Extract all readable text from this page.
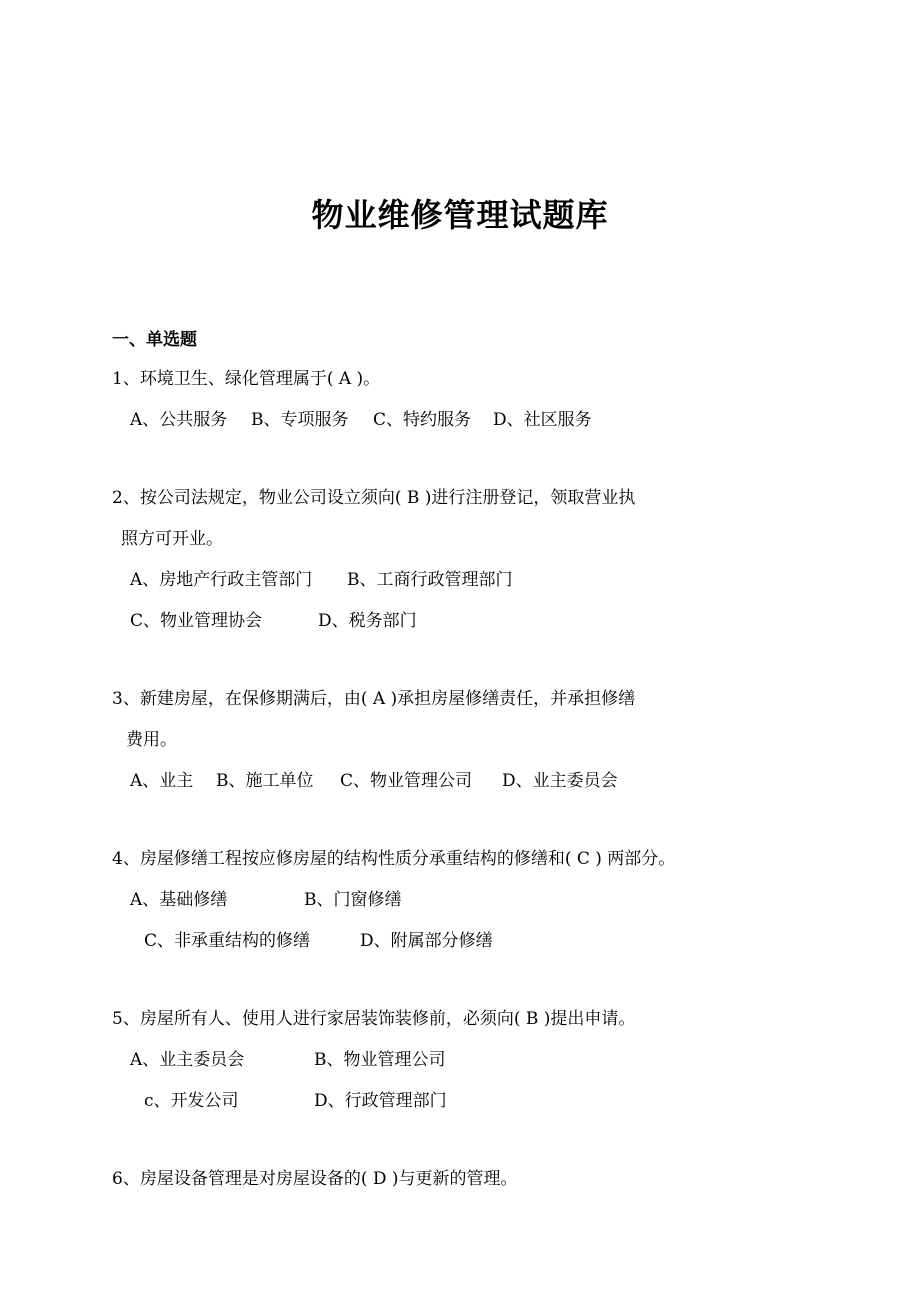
物业维修管理试题库
一、单选题
1、环境卫生、绿化管理属于( A )。
A、公共服务 B、专项服务 C、特约服务 D、社区服务
2、按公司法规定，物业公司设立须向( B )进行注册登记，领取营业执
照方可开业。
A、房地产行政主管部门 B、工商行政管理部门
C、物业管理协会	D、税务部门
3、新建房屋，在保修期满后，由( A )承担房屋修缮责任，并承担修缮
费用。
A、业主 B、施工单位 C、物业管理公司 D、业主委员会
4、房屋修缮工程按应修房屋的结构性质分承重结构的修缮和( C ) 两部分。
A、基础修缮	B、门窗修缮
C、非承重结构的修缮	D、附属部分修缮
5、房屋所有人、使用人进行家居装饰装修前，必须向( B )提出申请。
A、业主委员会	B、物业管理公司
c、开发公司	D、行政管理部门
6、房屋设备管理是对房屋设备的( D )与更新的管理。
